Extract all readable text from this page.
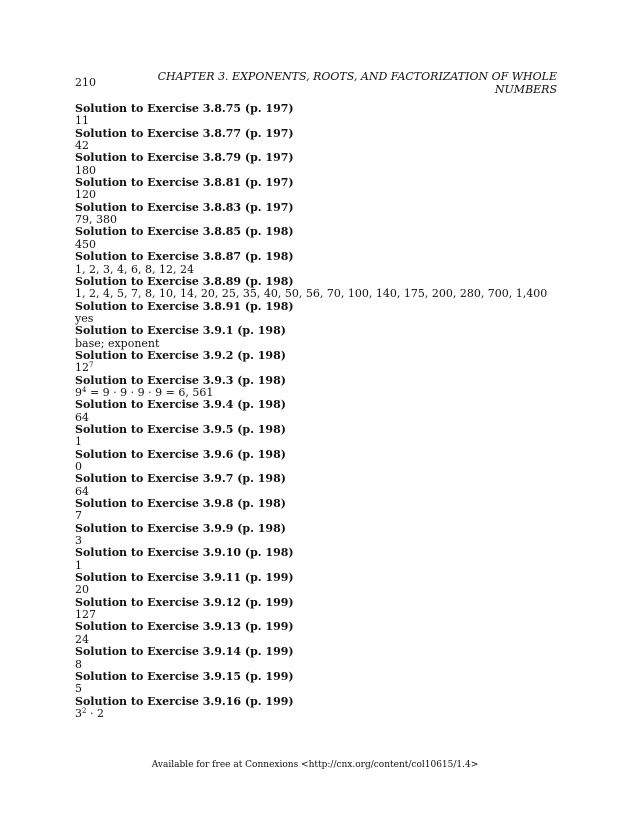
210	CHAPTER 3. EXPONENTS, ROOTS, AND FACTORIZATION OF WHOLE
NUMBERS
Solution to Exercise 3.8.75 (p. 197)
11
Solution to Exercise 3.8.77 (p. 197)
42
Solution to Exercise 3.8.79 (p. 197)
180
Solution to Exercise 3.8.81 (p. 197)
120
Solution to Exercise 3.8.83 (p. 197)
79, 380
Solution to Exercise 3.8.85 (p. 198)
450
Solution to Exercise 3.8.87 (p. 198)
1, 2, 3, 4, 6, 8, 12, 24
Solution to Exercise 3.8.89 (p. 198)
1, 2, 4, 5, 7, 8, 10, 14, 20, 25, 35, 40, 50, 56, 70, 100, 140, 175, 200, 280, 700, 1,400
Solution to Exercise 3.8.91 (p. 198)
yes
Solution to Exercise 3.9.1 (p. 198)
base; exponent
Solution to Exercise 3.9.2 (p. 198)
$12^7$
Solution to Exercise 3.9.3 (p. 198)
$9^4 = 9 \cdot 9 \cdot 9 \cdot 9 = 6$, 561
Solution to Exercise 3.9.4 (p. 198)
64
Solution to Exercise 3.9.5 (p. 198)
1
Solution to Exercise 3.9.6 (p. 198)
0
Solution to Exercise 3.9.7 (p. 198)
64
Solution to Exercise 3.9.8 (p. 198)
7
Solution to Exercise 3.9.9 (p. 198)
3
Solution to Exercise 3.9.10 (p. 198)
1
Solution to Exercise 3.9.11 (p. 199)
20
Solution to Exercise 3.9.12 (p. 199)
127
Solution to Exercise 3.9.13 (p. 199)
24
Solution to Exercise 3.9.14 (p. 199)
8
Solution to Exercise 3.9.15 (p. 199)
5
Solution to Exercise 3.9.16 (p. 199)
$3^2 \cdot 2$
Available for free at Connexions <http://cnx.org/content/col10615/1.4>
